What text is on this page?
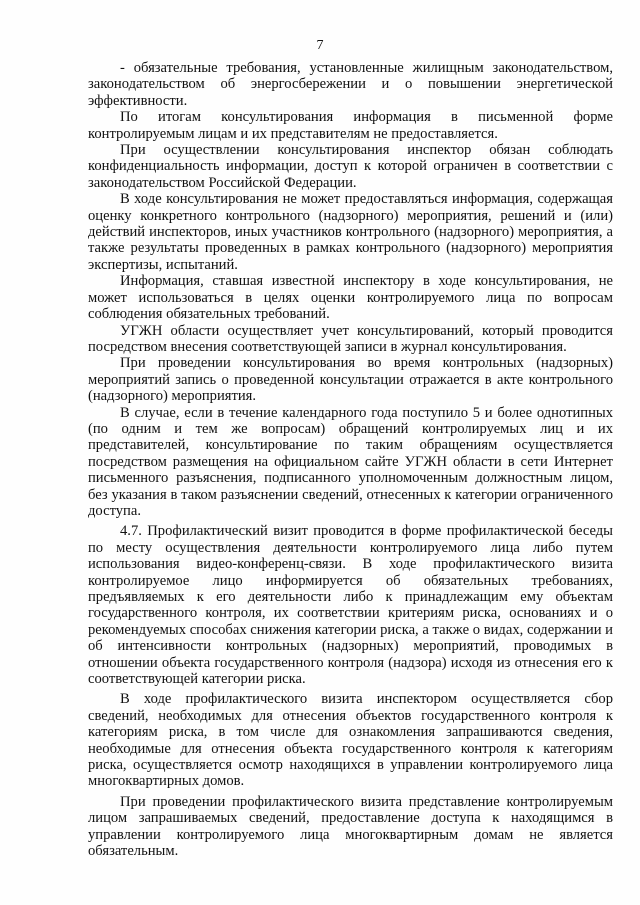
7

- обязательные требования, установленные жилищным законодательством, законодательством об энергосбережении и о повышении энергетической эффективности.

По итогам консультирования информация в письменной форме контролируемым лицам и их представителям не предоставляется.

При осуществлении консультирования инспектор обязан соблюдать конфиденциальность информации, доступ к которой ограничен в соответствии с законодательством Российской Федерации.

В ходе консультирования не может предоставляться информация, содержащая оценку конкретного контрольного (надзорного) мероприятия, решений и (или) действий инспекторов, иных участников контрольного (надзорного) мероприятия, а также результаты проведенных в рамках контрольного (надзорного) мероприятия экспертизы, испытаний.

Информация, ставшая известной инспектору в ходе консультирования, не может использоваться в целях оценки контролируемого лица по вопросам соблюдения обязательных требований.

УГЖН области осуществляет учет консультирований, который проводится посредством внесения соответствующей записи в журнал консультирования.

При проведении консультирования во время контрольных (надзорных) мероприятий запись о проведенной консультации отражается в акте контрольного (надзорного) мероприятия.

В случае, если в течение календарного года поступило 5 и более однотипных (по одним и тем же вопросам) обращений контролируемых лиц и их представителей, консультирование по таким обращениям осуществляется посредством размещения на официальном сайте УГЖН области в сети Интернет письменного разъяснения, подписанного уполномоченным должностным лицом, без указания в таком разъяснении сведений, отнесенных к категории ограниченного доступа.

4.7. Профилактический визит проводится в форме профилактической беседы по месту осуществления деятельности контролируемого лица либо путем использования видео-конференц-связи. В ходе профилактического визита контролируемое лицо информируется об обязательных требованиях, предъявляемых к его деятельности либо к принадлежащим ему объектам государственного контроля, их соответствии критериям риска, основаниях и о рекомендуемых способах снижения категории риска, а также о видах, содержании и об интенсивности контрольных (надзорных) мероприятий, проводимых в отношении объекта государственного контроля (надзора) исходя из отнесения его к соответствующей категории риска.

В ходе профилактического визита инспектором осуществляется сбор сведений, необходимых для отнесения объектов государственного контроля к категориям риска, в том числе для ознакомления запрашиваются сведения, необходимые для отнесения объекта государственного контроля к категориям риска, осуществляется осмотр находящихся в управлении контролируемого лица многоквартирных домов.

При проведении профилактического визита представление контролируемым лицом запрашиваемых сведений, предоставление доступа к находящимся в управлении контролируемого лица многоквартирным домам не является обязательным.
